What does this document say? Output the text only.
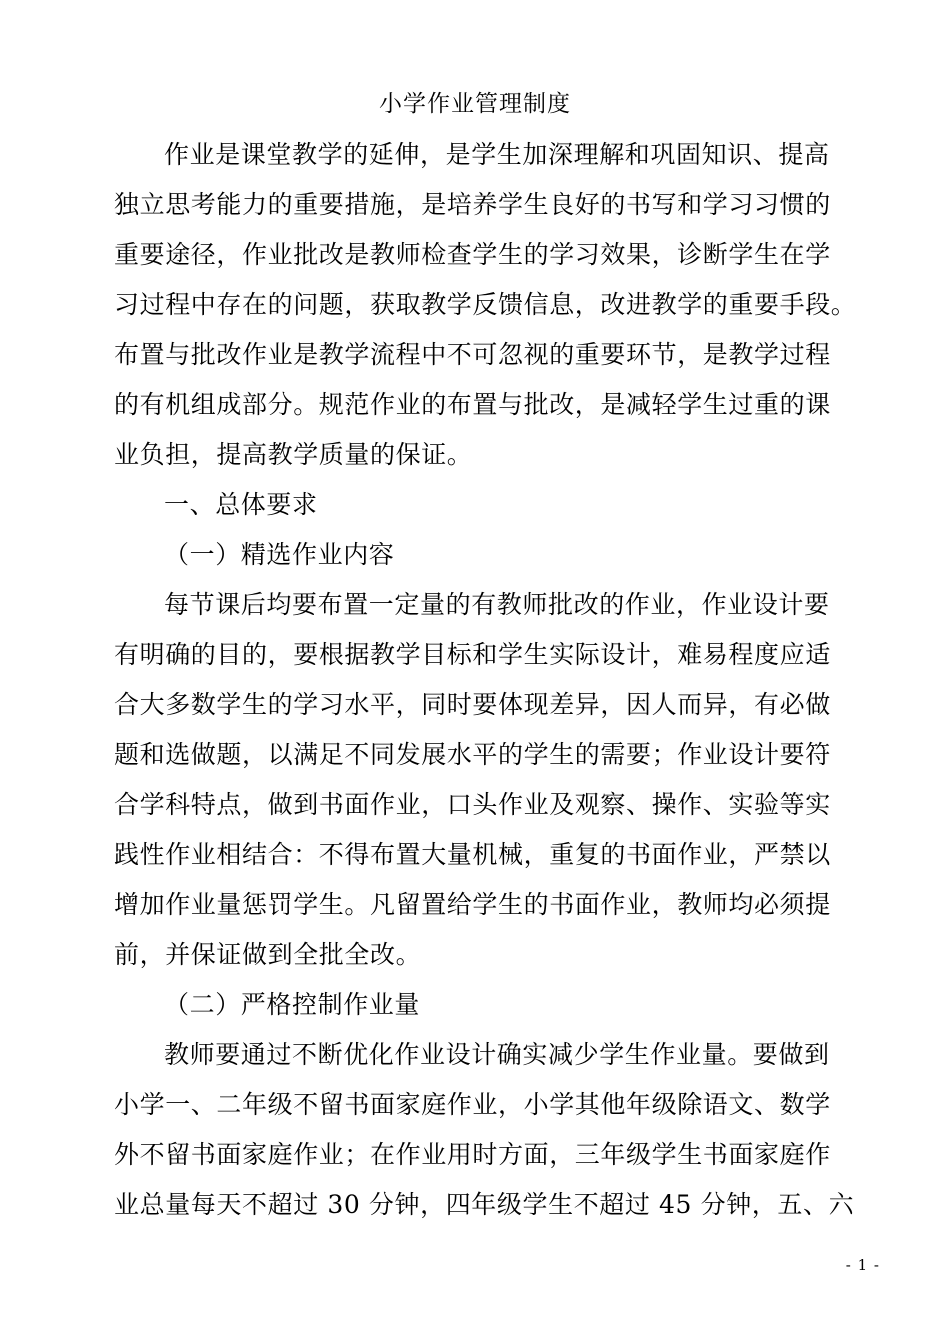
小学作业管理制度
作业是课堂教学的延伸，是学生加深理解和巩固知识、提高
独立思考能力的重要措施，是培养学生良好的书写和学习习惯的
重要途径，作业批改是教师检查学生的学习效果，诊断学生在学
习过程中存在的问题，获取教学反馈信息，改进教学的重要手段。
布置与批改作业是教学流程中不可忽视的重要环节，是教学过程
的有机组成部分。规范作业的布置与批改，是减轻学生过重的课
业负担，提高教学质量的保证。
一、总体要求
（一）精选作业内容
每节课后均要布置一定量的有教师批改的作业，作业设计要
有明确的目的，要根据教学目标和学生实际设计，难易程度应适
合大多数学生的学习水平，同时要体现差异，因人而异，有必做
题和选做题，以满足不同发展水平的学生的需要；作业设计要符
合学科特点，做到书面作业，口头作业及观察、操作、实验等实
践性作业相结合：不得布置大量机械，重复的书面作业，严禁以
增加作业量惩罚学生。凡留置给学生的书面作业，教师均必须提
前，并保证做到全批全改。
（二）严格控制作业量
教师要通过不断优化作业设计确实减少学生作业量。要做到
小学一、二年级不留书面家庭作业，小学其他年级除语文、数学
外不留书面家庭作业；在作业用时方面，三年级学生书面家庭作
业总量每天不超过 30 分钟，四年级学生不超过 45 分钟，五、六
- 1 -
